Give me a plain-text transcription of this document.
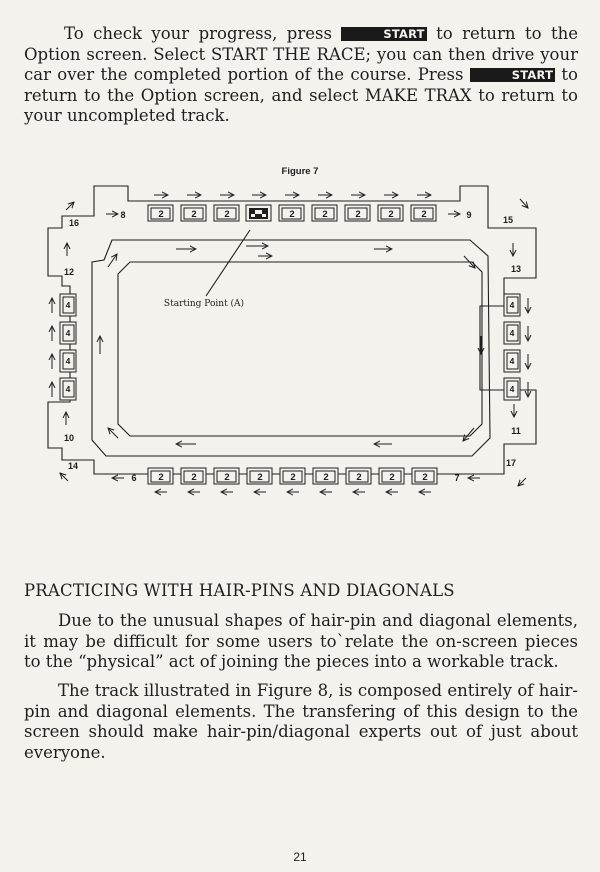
To check your progress, press	START to return to the Option screen. Select START THE RACE; you can then drive your car over the completed portion of the course. Press	START to return to the Option screen, and select MAKE TRAX to return to your uncompleted track.

Figure 7
2	2	2	2	2	2	2	2
2	2	2	2	2	2	2	2	2
4
4
4
4
4
4
4
4
16
8	15
9
12	13
10
11
14
6
17
7
Starting Point (A)
PRACTICING WITH HAIR-PINS AND DIAGONALS

Due to the unusual shapes of hair-pin and diagonal elements, it may be difficult for some users to`relate the on-screen pieces to the “physical” act of joining the pieces into a workable track.

The track illustrated in Figure 8, is composed entirely of hair-pin and diagonal elements. The transfering of this design to the screen should make hair-pin/diagonal experts out of just about everyone.

21
